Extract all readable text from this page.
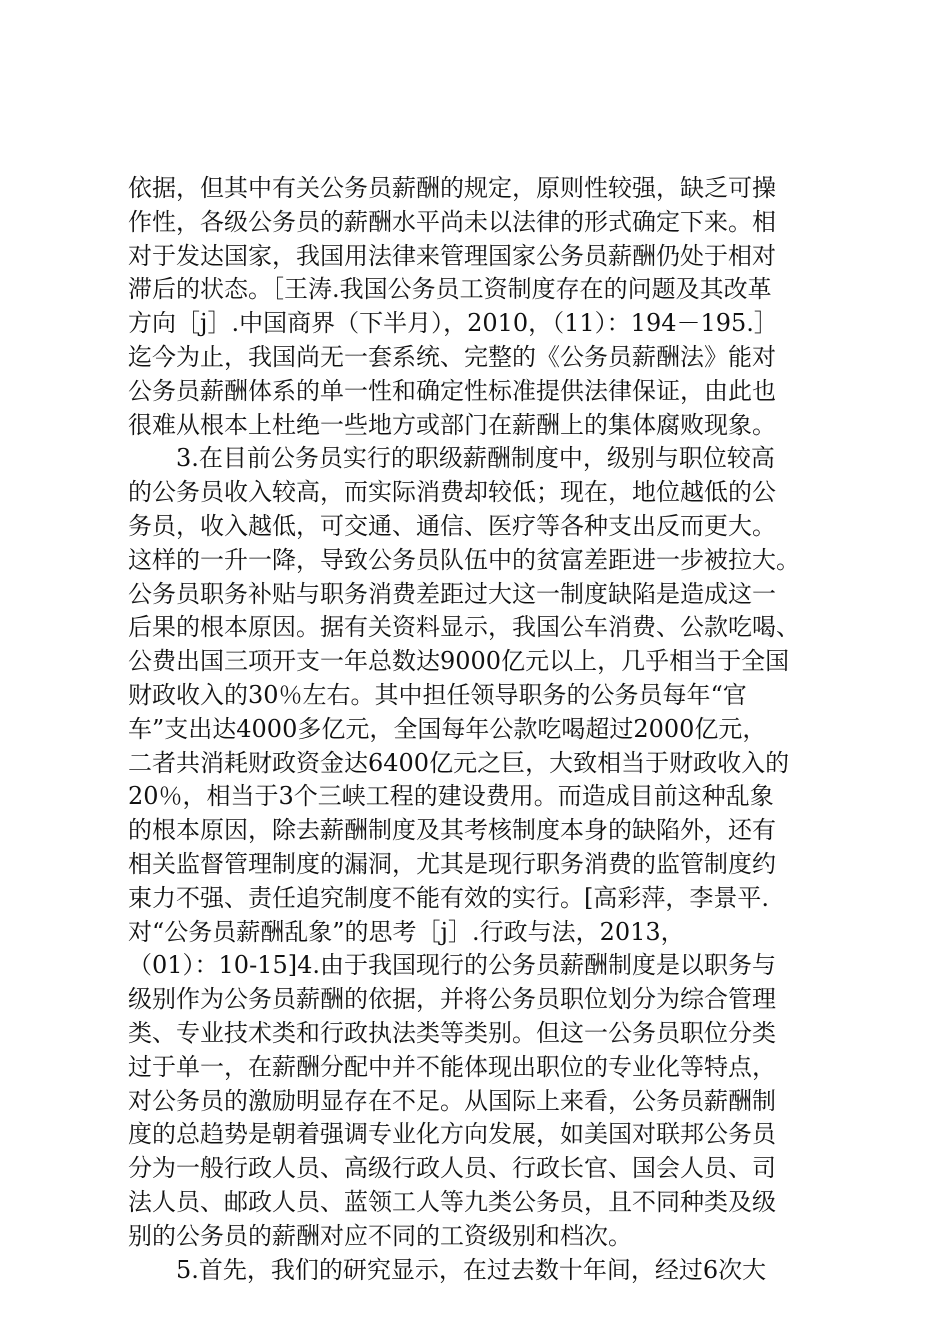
依据，但其中有关公务员薪酬的规定，原则性较强，缺乏可操
作性，各级公务员的薪酬水平尚未以法律的形式确定下来。相
对于发达国家，我国用法律来管理国家公务员薪酬仍处于相对
滞后的状态。［王涛.我国公务员工资制度存在的问题及其改革
方向［j］.中国商界（下半月），2010，（11）：194－195.］
迄今为止，我国尚无一套系统、完整的《公务员薪酬法》能对
公务员薪酬体系的单一性和确定性标准提供法律保证，由此也
很难从根本上杜绝一些地方或部门在薪酬上的集体腐败现象。
3.在目前公务员实行的职级薪酬制度中，级别与职位较高
的公务员收入较高，而实际消费却较低；现在，地位越低的公
务员，收入越低，可交通、通信、医疗等各种支出反而更大。
这样的一升一降，导致公务员队伍中的贫富差距进一步被拉大。
公务员职务补贴与职务消费差距过大这一制度缺陷是造成这一
后果的根本原因。据有关资料显示，我国公车消费、公款吃喝、
公费出国三项开支一年总数达9000亿元以上，几乎相当于全国
财政收入的30％左右。其中担任领导职务的公务员每年“官
车”支出达4000多亿元，全国每年公款吃喝超过2000亿元，
二者共消耗财政资金达6400亿元之巨，大致相当于财政收入的
20％，相当于3个三峡工程的建设费用。而造成目前这种乱象
的根本原因，除去薪酬制度及其考核制度本身的缺陷外，还有
相关监督管理制度的漏洞，尤其是现行职务消费的监管制度约
束力不强、责任追究制度不能有效的实行。[高彩萍，李景平.
对“公务员薪酬乱象”的思考［j］.行政与法，2013，
（01）：10-15]4.由于我国现行的公务员薪酬制度是以职务与
级别作为公务员薪酬的依据，并将公务员职位划分为综合管理
类、专业技术类和行政执法类等类别。但这一公务员职位分类
过于单一，在薪酬分配中并不能体现出职位的专业化等特点，
对公务员的激励明显存在不足。从国际上来看，公务员薪酬制
度的总趋势是朝着强调专业化方向发展，如美国对联邦公务员
分为一般行政人员、高级行政人员、行政长官、国会人员、司
法人员、邮政人员、蓝领工人等九类公务员，且不同种类及级
别的公务员的薪酬对应不同的工资级别和档次。
5.首先，我们的研究显示，在过去数十年间，经过6次大
